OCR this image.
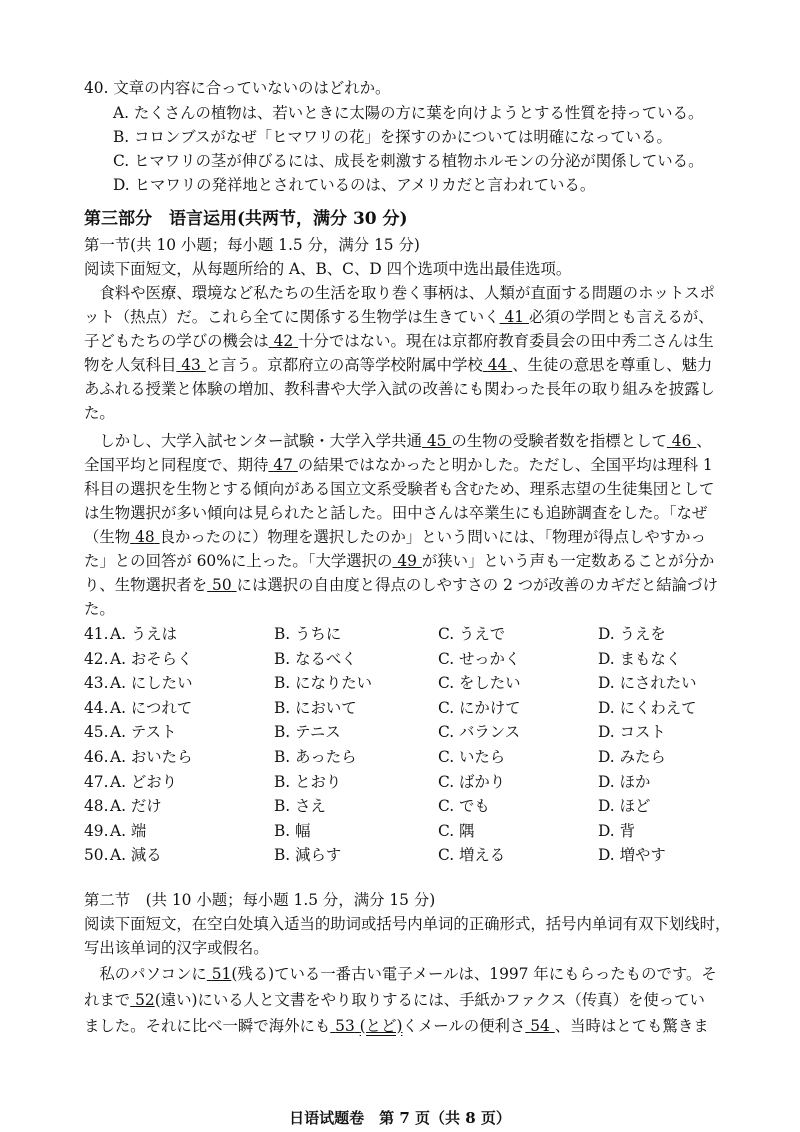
40. 文章の内容に合っていないのはどれか。
A. たくさんの植物は、若いときに太陽の方に葉を向けようとする性質を持っている。
B. コロンブスがなぜ「ヒマワリの花」を探すのかについては明確になっている。
C. ヒマワリの茎が伸びるには、成長を刺激する植物ホルモンの分泌が関係している。
D. ヒマワリの発祥地とされているのは、アメリカだと言われている。
第三部分　语言运用(共两节，满分 30 分)
第一节(共 10 小题；每小题 1.5 分，满分 15 分)
阅读下面短文，从每题所给的 A、B、C、D 四个选项中选出最佳选项。
　食料や医療、環境など私たちの生活を取り巻く事柄は、人類が直面する問題のホットスポ
ット（热点）だ。これら全てに関係する生物学は生きていく 41 必須の学問とも言えるが、
子どもたちの学びの機会は 42 十分ではない。現在は京都府教育委員会の田中秀二さんは生
物を人気科目 43 と言う。京都府立の高等学校附属中学校 44 、生徒の意思を尊重し、魅力
あふれる授業と体験の増加、教科書や大学入試の改善にも関わった長年の取り組みを披露し
た。
　しかし、大学入試センター試験・大学入学共通 45 の生物の受験者数を指標として 46 、
全国平均と同程度で、期待 47 の結果ではなかったと明かした。ただし、全国平均は理科 1
科目の選択を生物とする傾向がある国立文系受験者も含むため、理系志望の生徒集団として
は生物選択が多い傾向は見られたと話した。田中さんは卒業生にも追跡調査をした。「なぜ
（生物 48 良かったのに）物理を選択したのか」という問いには、「物理が得点しやすかっ
た」との回答が 60%に上った。「大学選択の 49 が狭い」という声も一定数あることが分か
り、生物選択者を 50 には選択の自由度と得点のしやすさの 2 つが改善のカギだと結論づけ
た。
41. A. うえは	B. うちに	C. うえで	D. うえを
42. A. おそらく	B. なるべく	C. せっかく	D. まもなく
43. A. にしたい	B. になりたい	C. をしたい	D. にされたい
44. A. につれて	B. において	C. にかけて	D. にくわえて
45. A. テスト	B. テニス	C. バランス	D. コスト
46. A. おいたら	B. あったら	C. いたら	D. みたら
47. A. どおり	B. とおり	C. ばかり	D. ほか
48. A. だけ	B. さえ	C. でも	D. ほど
49. A. 端	B. 幅	C. 隅	D. 背
50. A. 減る	B. 減らす	C. 増える	D. 増やす
第二节　(共 10 小题；每小题 1.5 分，满分 15 分)
阅读下面短文，在空白处填入适当的助词或括号内单词的正确形式，括号内单词有双下划线时，
写出该单词的汉字或假名。
　私のパソコンに 51(残る)ている一番古い電子メールは、1997 年にもらったものです。そ
れまで 52(遠い)にいる人と文書をやり取りするには、手紙かファクス（传真）を使ってい
ました。それに比べ一瞬で海外にも 53 (とど)くメールの便利さ 54 、当時はとても驚きま
日语试题卷　第 7 页（共 8 页）
